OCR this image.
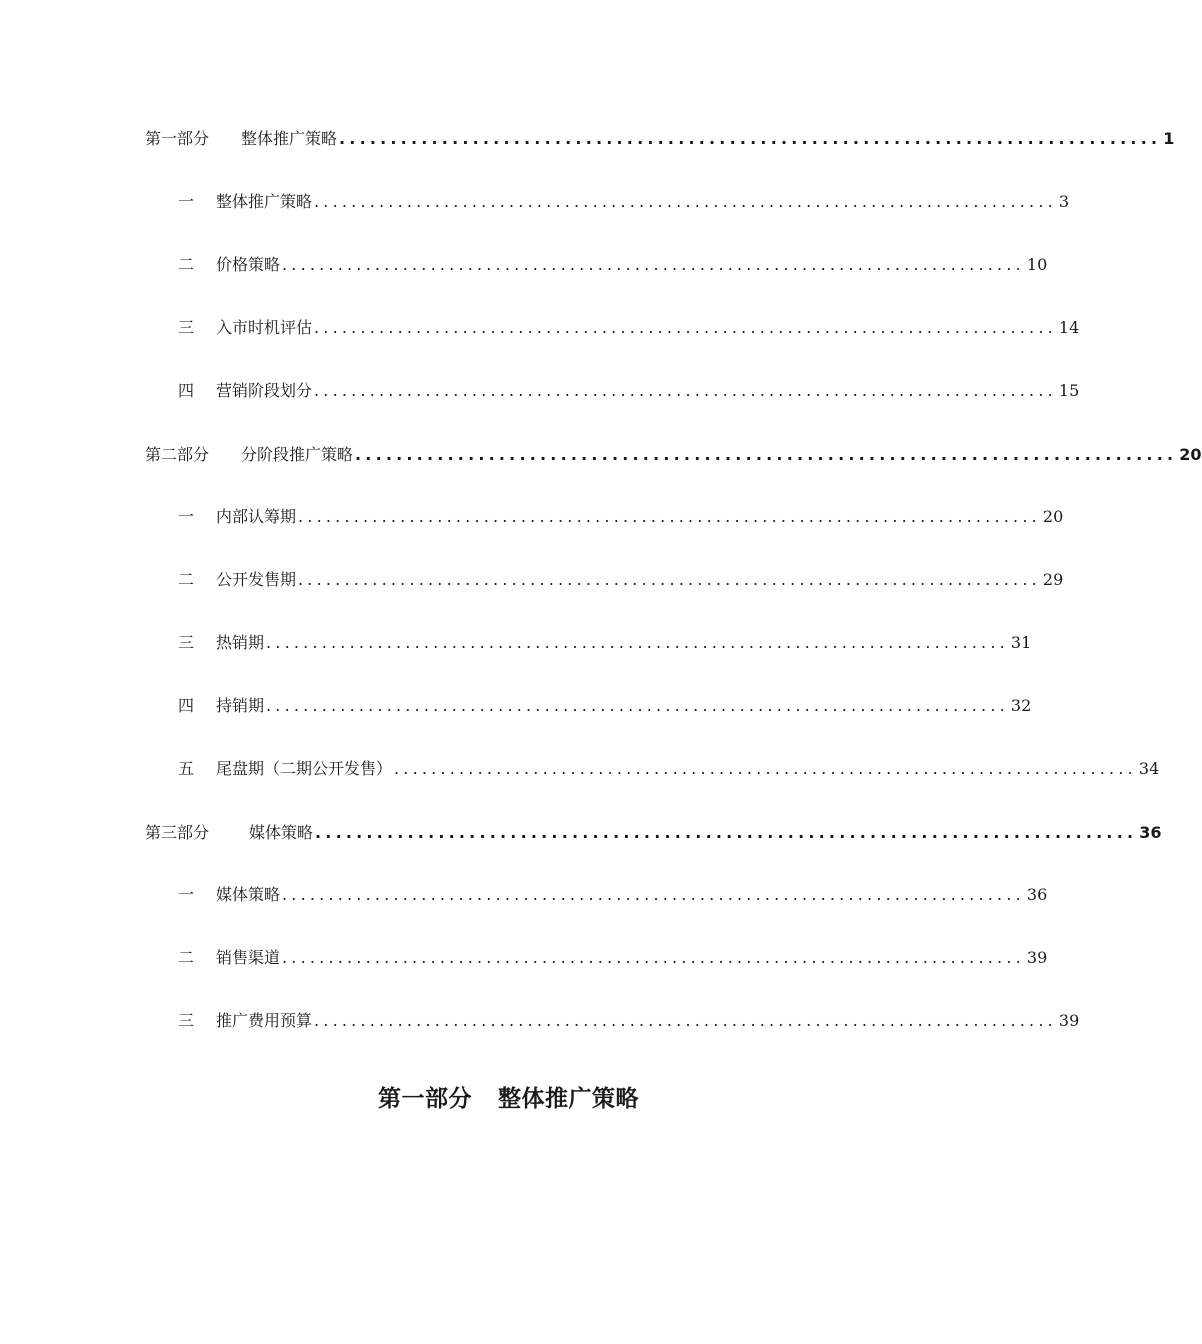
第一部分 整体推广策略 ................................................................................ 1
一 整体推广策略 ................................................................................ 3
二 价格策略 ................................................................................ 10
三 入市时机评估 ................................................................................ 14
四 营销阶段划分 ................................................................................ 15
第二部分 分阶段推广策略 ................................................................................ 20
一 内部认筹期 ................................................................................ 20
二 公开发售期 ................................................................................ 29
三 热销期 ................................................................................ 31
四 持销期 ................................................................................ 32
五 尾盘期（二期公开发售） ................................................................................ 34
第三部分 媒体策略 ................................................................................ 36
一 媒体策略 ................................................................................ 36
二 销售渠道 ................................................................................ 39
三 推广费用预算 ................................................................................ 39
第一部分 整体推广策略
